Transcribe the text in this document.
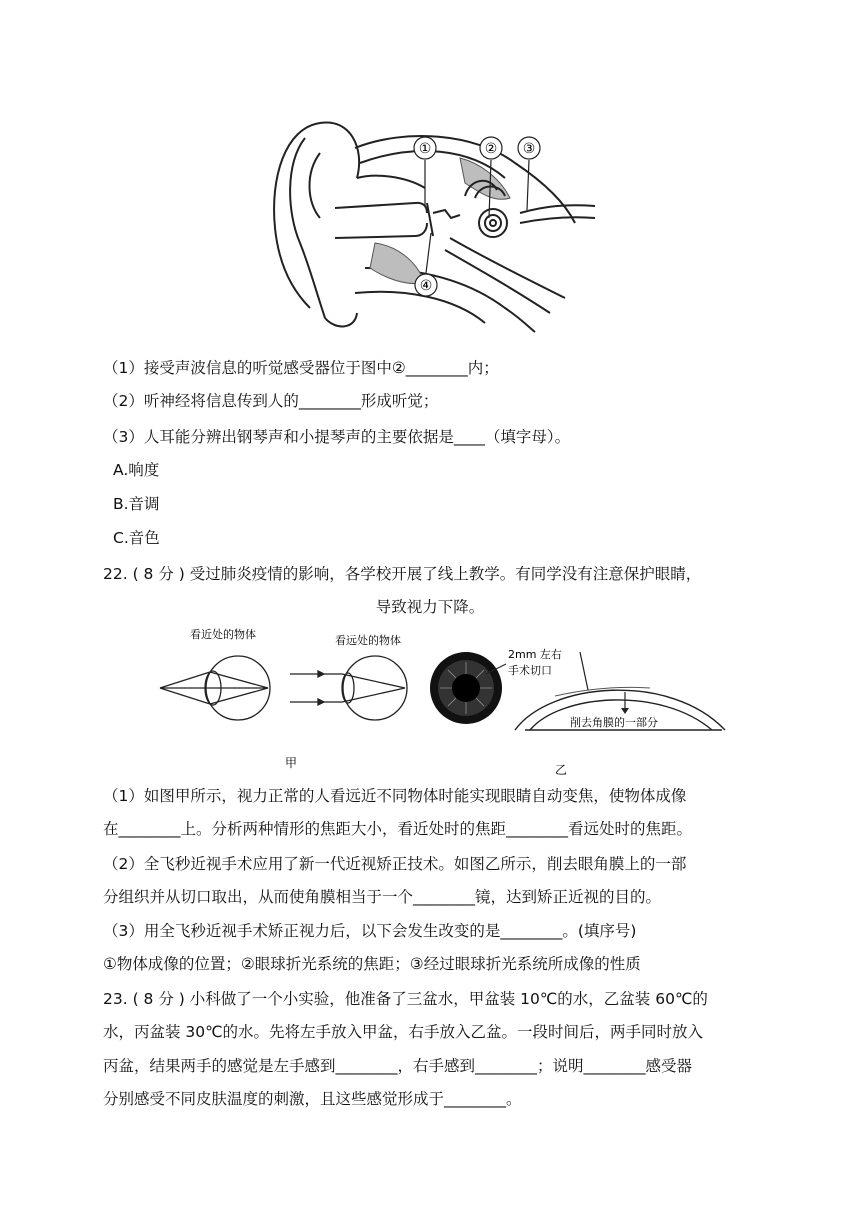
①	② ③
④
（1）接受声波信息的听觉感受器位于图中②________内；
（2）听神经将信息传到人的________形成听觉；
（3）人耳能分辨出钢琴声和小提琴声的主要依据是____（填字母）。
A.响度
B.音调
C.音色
22. ( 8 分 ) 受过肺炎疫情的影响，各学校开展了线上教学。有同学没有注意保护眼睛，
导致视力下降。
看近处的物体	看远处的物体
2mm 左右
手术切口
削去角膜的一部分
甲	乙
（1）如图甲所示，视力正常的人看远近不同物体时能实现眼睛自动变焦，使物体成像
在________上。分析两种情形的焦距大小，看近处时的焦距________看远处时的焦距。
（2）全飞秒近视手术应用了新一代近视矫正技术。如图乙所示，削去眼角膜上的一部
分组织并从切口取出，从而使角膜相当于一个________镜，达到矫正近视的目的。
（3）用全飞秒近视手术矫正视力后，以下会发生改变的是________。(填序号)
①物体成像的位置；②眼球折光系统的焦距；③经过眼球折光系统所成像的性质
23. ( 8 分 ) 小科做了一个小实验，他准备了三盆水，甲盆装 10℃的水，乙盆装 60℃的
水，丙盆装 30℃的水。先将左手放入甲盆，右手放入乙盆。一段时间后，两手同时放入
丙盆，结果两手的感觉是左手感到________，右手感到________；说明________感受器
分别感受不同皮肤温度的刺激，且这些感觉形成于________。
